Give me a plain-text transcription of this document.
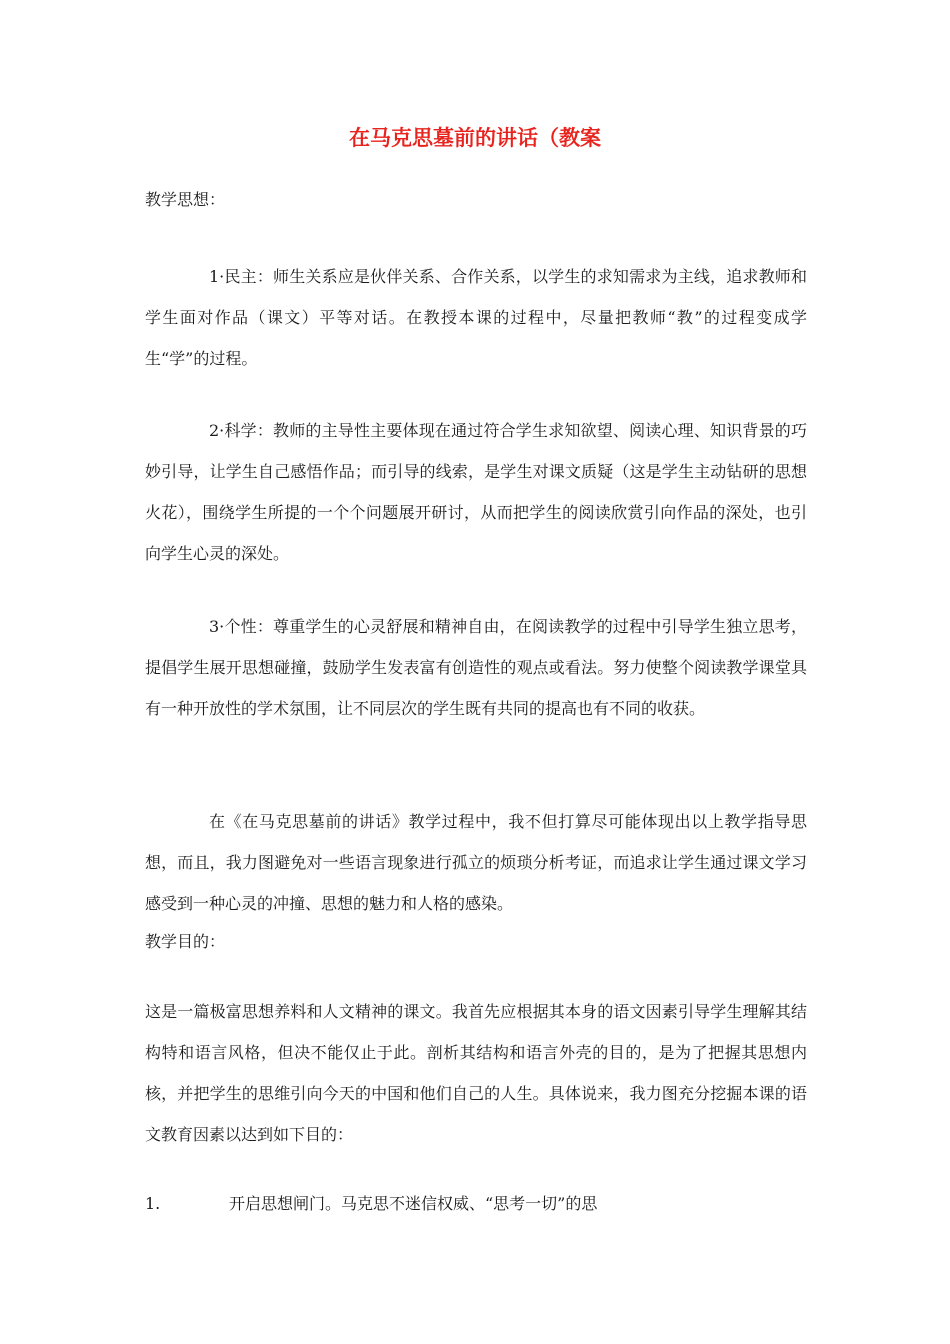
在马克思墓前的讲话（教案

教学思想：

1·民主：师生关系应是伙伴关系、合作关系，以学生的求知需求为主线，追求教师和学生面对作品（课文）平等对话。在教授本课的过程中，尽量把教师“教”的过程变成学生“学”的过程。

2·科学：教师的主导性主要体现在通过符合学生求知欲望、阅读心理、知识背景的巧妙引导，让学生自己感悟作品；而引导的线索，是学生对课文质疑（这是学生主动钻研的思想火花），围绕学生所提的一个个问题展开研讨，从而把学生的阅读欣赏引向作品的深处，也引向学生心灵的深处。

3·个性：尊重学生的心灵舒展和精神自由，在阅读教学的过程中引导学生独立思考，提倡学生展开思想碰撞，鼓励学生发表富有创造性的观点或看法。努力使整个阅读教学课堂具有一种开放性的学术氛围，让不同层次的学生既有共同的提高也有不同的收获。

在《在马克思墓前的讲话》教学过程中，我不但打算尽可能体现出以上教学指导思想，而且，我力图避免对一些语言现象进行孤立的烦琐分析考证，而追求让学生通过课文学习感受到一种心灵的冲撞、思想的魅力和人格的感染。

教学目的：

这是一篇极富思想养料和人文精神的课文。我首先应根据其本身的语文因素引导学生理解其结构特和语言风格，但决不能仅止于此。剖析其结构和语言外壳的目的，是为了把握其思想内核，并把学生的思维引向今天的中国和他们自己的人生。具体说来，我力图充分挖掘本课的语文教育因素以达到如下目的：

1.	开启思想闸门。马克思不迷信权威、“思考一切”的思
